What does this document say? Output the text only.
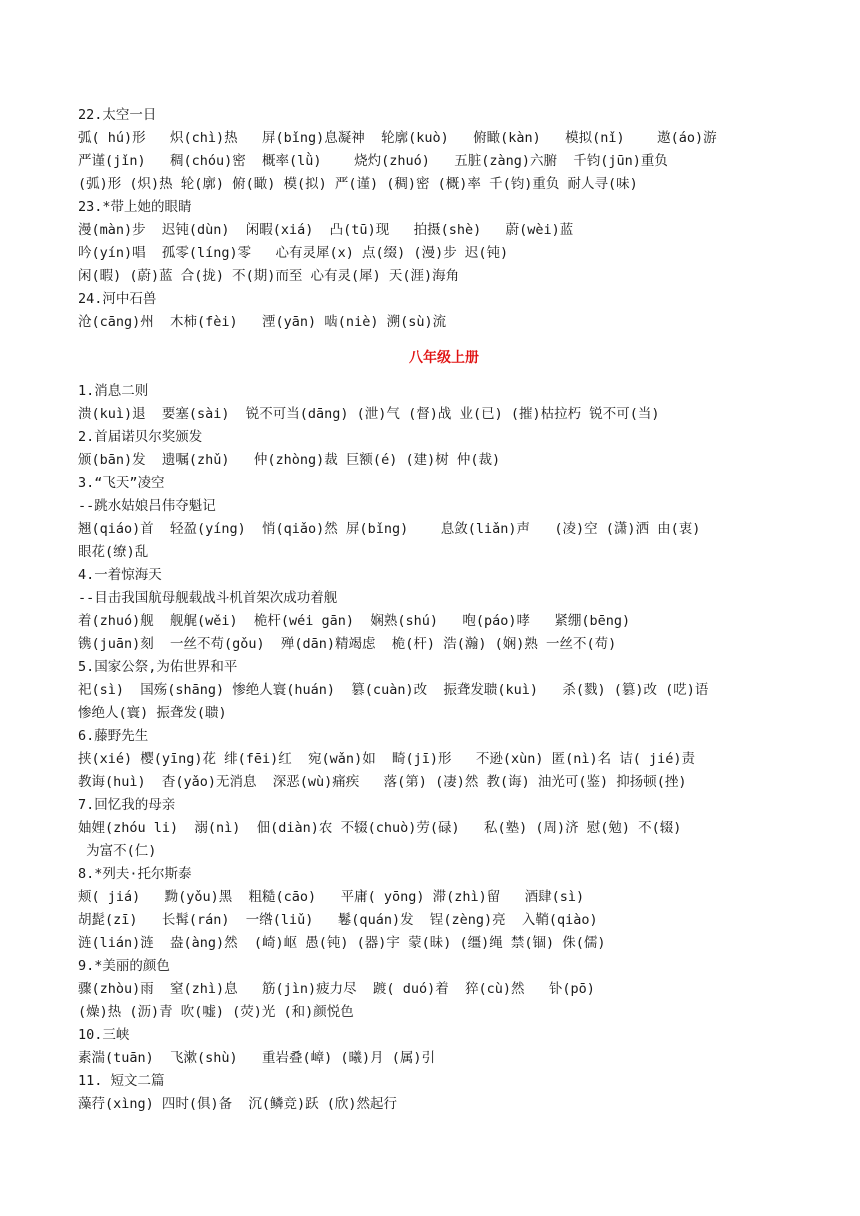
22.太空一日
弧( hú)形   炽(chì)热   屏(bǐng)息凝神  轮廓(kuò)   俯瞰(kàn)   模拟(nǐ)    遨(áo)游
严谨(jǐn)   稠(chóu)密  概率(lǜ)    烧灼(zhuó)   五脏(zàng)六腑  千钧(jūn)重负
(弧)形 (炽)热 轮(廓) 俯(瞰) 模(拟) 严(谨) (稠)密 (概)率 千(钧)重负 耐人寻(味)
23.*带上她的眼睛
漫(màn)步  迟钝(dùn)  闲暇(xiá)  凸(tū)现   拍摄(shè)   蔚(wèi)蓝
吟(yín)唱  孤零(líng)零   心有灵犀(x) 点(缀) (漫)步 迟(钝)
闲(暇) (蔚)蓝 合(拢) 不(期)而至 心有灵(犀) 天(涯)海角
24.河中石兽
沧(cāng)州  木柿(fèi)   湮(yān) 啮(niè) 溯(sù)流
八年级上册
1.消息二则
溃(kuì)退  要塞(sài)  锐不可当(dāng) (泄)气 (督)战 业(已) (摧)枯拉朽 锐不可(当)
2.首届诺贝尔奖颁发
颁(bān)发  遗嘱(zhǔ)   仲(zhòng)裁 巨额(é) (建)树 仲(裁)
3.“飞天”凌空
--跳水姑娘吕伟夺魁记
翘(qiáo)首  轻盈(yíng)  悄(qiǎo)然 屏(bǐng)    息敛(liǎn)声   (凌)空 (潇)洒 由(衷)
眼花(缭)乱
4.一着惊海天
--目击我国航母舰载战斗机首架次成功着舰
着(zhuó)舰  舰艉(wěi)  桅杆(wéi gān)  娴熟(shú)   咆(páo)哮   紧绷(bēng)
镌(juān)刻  一丝不苟(gǒu)  殚(dān)精竭虑  桅(杆) 浩(瀚) (娴)熟 一丝不(苟)
5.国家公祭,为佑世界和平
祀(sì)  国殇(shāng) 惨绝人寰(huán)  篡(cuàn)改  振聋发聩(kuì)   杀(戮) (篡)改 (呓)语
惨绝人(寰) 振聋发(聩)
6.藤野先生
挟(xié) 樱(yīng)花 绯(fēi)红  宛(wǎn)如  畸(jī)形   不逊(xùn) 匿(nì)名 诘( jié)责
教诲(huì)  杳(yǎo)无消息  深恶(wù)痛疾   落(第) (凄)然 教(诲) 油光可(鉴) 抑扬顿(挫)
7.回忆我的母亲
妯娌(zhóu li)  溺(nì)  佃(diàn)农 不辍(chuò)劳(碌)   私(塾) (周)济 慰(勉) 不(辍)
为富不(仁)
8.*列夫·托尔斯泰
颊( jiá)   黝(yǒu)黑  粗糙(cāo)   平庸( yōng) 滞(zhì)留   酒肆(sì)
胡髭(zī)   长髯(rán)  一绺(liǔ)   鬈(quán)发  锃(zèng)亮  入鞘(qiào)
涟(lián)涟  盎(àng)然  (崎)岖 愚(钝) (器)宇 蒙(昧) (缰)绳 禁(锢) 侏(儒)
9.*美丽的颜色
骤(zhòu)雨  窒(zhì)息   筋(jìn)疲力尽  踱( duó)着  猝(cù)然   钋(pō)
(燥)热 (沥)青 吹(嘘) (荧)光 (和)颜悦色
10.三峡
素湍(tuān)  飞漱(shù)   重岩叠(嶂) (曦)月 (属)引
11. 短文二篇
藻荇(xìng) 四时(俱)备  沉(鳞竞)跃 (欣)然起行
